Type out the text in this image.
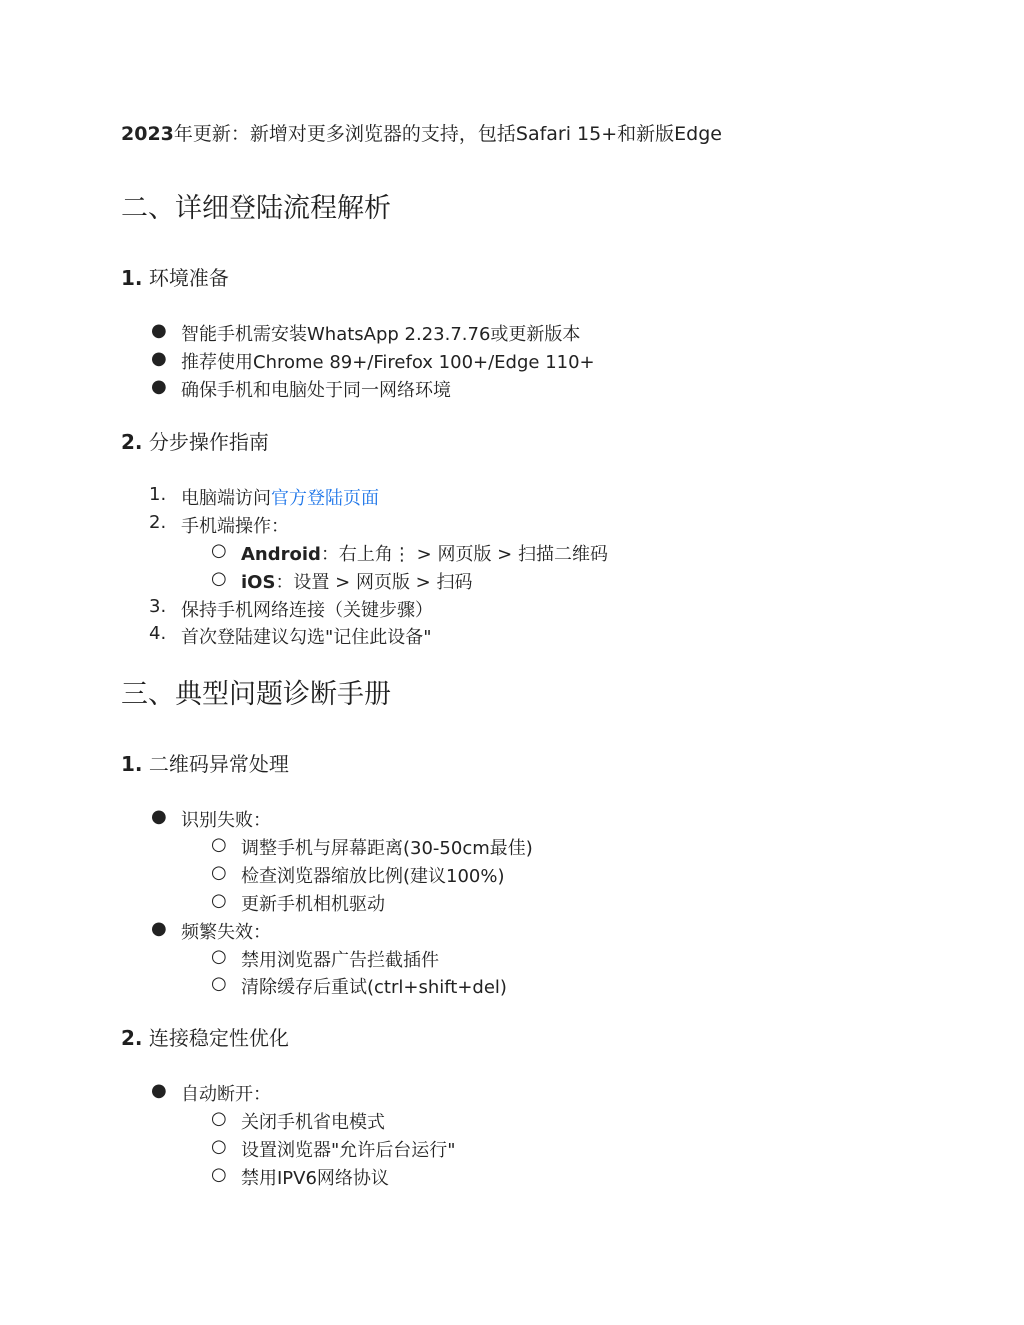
2023年更新：新增对更多浏览器的支持，包括Safari 15+和新版Edge
二、详细登陆流程解析
1. 环境准备
● 智能手机需安装WhatsApp 2.23.7.76或更新版本
● 推荐使用Chrome 89+/Firefox 100+/Edge 110+
● 确保手机和电脑处于同一网络环境
2. 分步操作指南
1. 电脑端访问官方登陆页面
2. 手机端操作：
○ Android：右上角⋮ > 网页版 > 扫描二维码
○ iOS：设置 > 网页版 > 扫码
3. 保持手机网络连接（关键步骤）
4. 首次登陆建议勾选"记住此设备"
三、典型问题诊断手册
1. 二维码异常处理
● 识别失败：
○ 调整手机与屏幕距离(30-50cm最佳)
○ 检查浏览器缩放比例(建议100%)
○ 更新手机相机驱动
● 频繁失效：
○ 禁用浏览器广告拦截插件
○ 清除缓存后重试(ctrl+shift+del)
2. 连接稳定性优化
● 自动断开：
○ 关闭手机省电模式
○ 设置浏览器"允许后台运行"
○ 禁用IPV6网络协议
